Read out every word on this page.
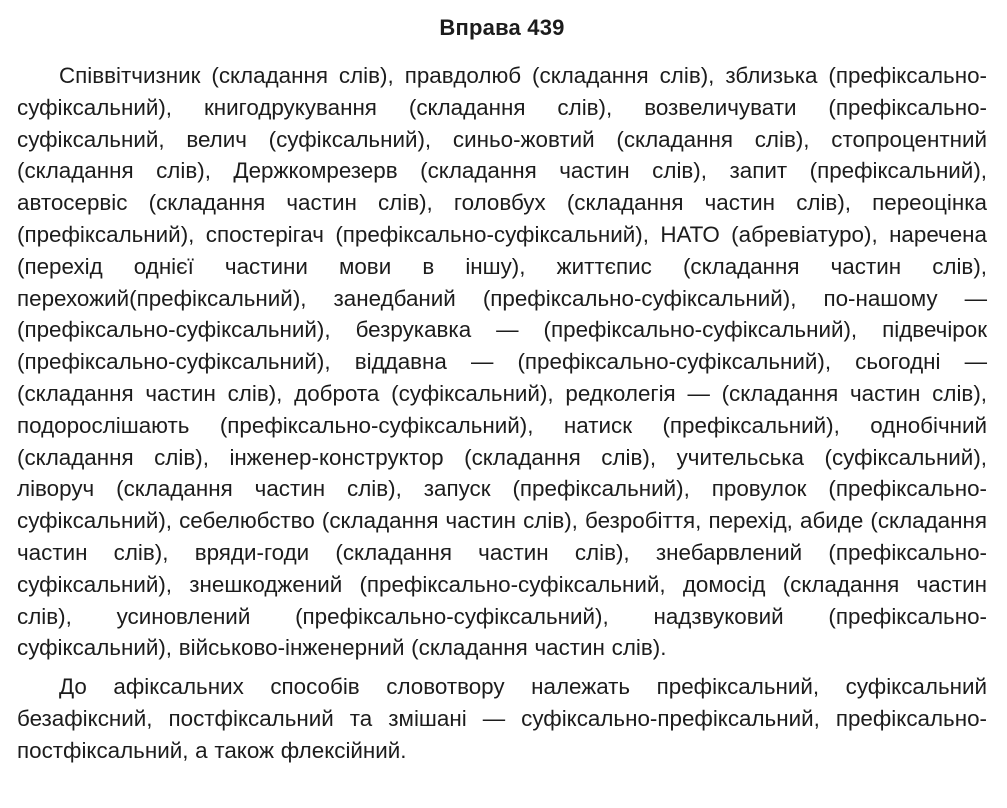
Вправа 439

Співвітчизник (складання слів), правдолюб (складання слів), зблизька (префіксально-суфіксальний), книгодрукування (складання слів), возвеличувати (префіксально-суфіксальний, велич (суфіксальний), синьо-жовтий (складання слів), стопроцентний (складання слів), Держкомрезерв (складання частин слів), запит (префіксальний), автосервіс (складання частин слів), головбух (складання частин слів), переоцінка (префіксальний), спостерігач (префіксально-суфіксальний), НАТО (абревіатуро), наречена (перехід однієї частини мови в іншу), життєпис (складання частин слів), перехожий(префіксальний), занедбаний (префіксально-суфіксальний), по-нашому — (префіксально-суфіксальний), безрукавка — (префіксально-суфіксальний), підвечірок (префіксально-суфіксальний), віддавна — (префіксально-суфіксальний), сьогодні — (складання частин слів), доброта (суфіксальний), редколегія — (складання частин слів), подорослішають (префіксально-суфіксальний), натиск (префіксальний), однобічний (складання слів), інженер-конструктор (складання слів), учительська (суфіксальний), ліворуч (складання частин слів), запуск (префіксальний), провулок (префіксально-суфіксальний), себелюбство (складання частин слів), безробіття, перехід, абиде (складання частин слів), вряди-годи (складання частин слів), знебарвлений (префіксально-суфіксальний), знешкоджений (префіксально-суфіксальний, домосід (складання частин слів), усиновлений (префіксально-суфіксальний), надзвуковий (префіксально-суфіксальний), військово-інженерний (складання частин слів).

До афіксальних способів словотвору належать префіксальний, суфіксальний безафіксний, постфіксальний та змішані — суфіксально-префіксальний, префіксально-постфіксальний, а також флексійний.
